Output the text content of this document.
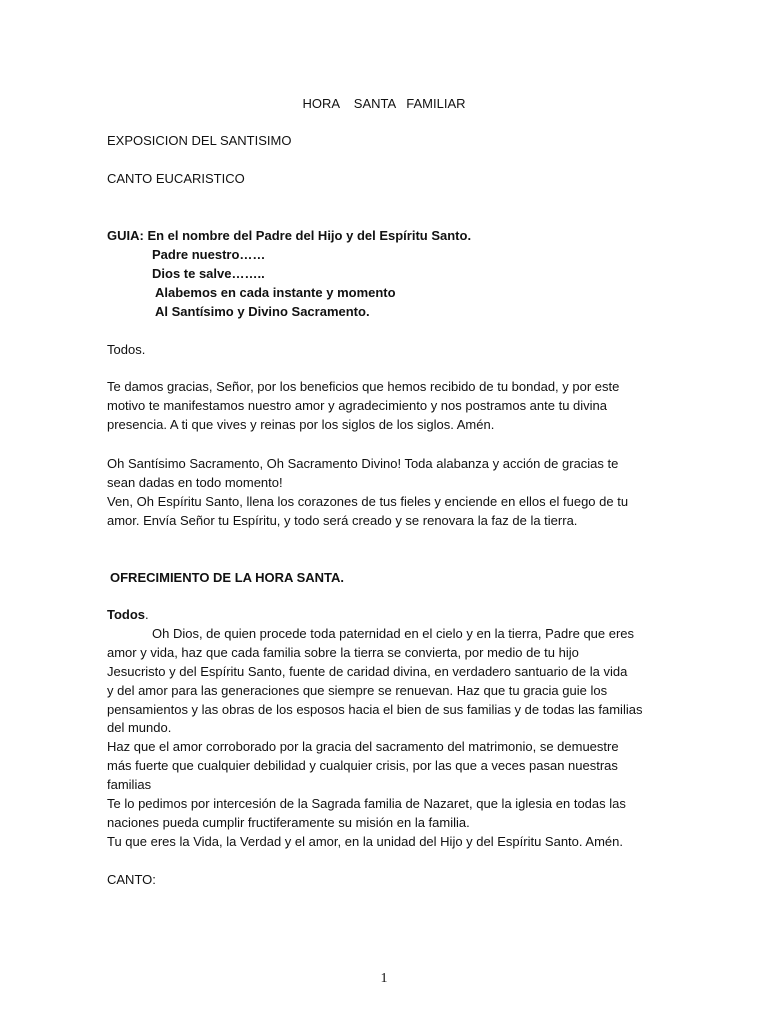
HORA    SANTA   FAMILIAR
EXPOSICION DEL SANTISIMO
CANTO EUCARISTICO
GUIA: En el nombre del Padre del Hijo y del Espíritu Santo.
Padre nuestro……
Dios te salve……..
Alabemos en cada instante y momento
Al Santísimo y Divino Sacramento.
Todos.
Te damos gracias, Señor, por los beneficios que hemos recibido de tu bondad, y por este
motivo te manifestamos nuestro amor y agradecimiento y nos postramos ante tu divina
presencia. A ti que vives y reinas por los siglos de los siglos. Amén.
Oh Santísimo Sacramento, Oh Sacramento Divino! Toda alabanza y acción de gracias te
sean dadas en todo momento!
Ven, Oh Espíritu Santo, llena los corazones de tus fieles y enciende en ellos el fuego de tu
amor. Envía Señor tu Espíritu, y todo será creado y se renovara la faz de la tierra.
OFRECIMIENTO DE LA HORA SANTA.
Todos.
Oh Dios, de quien procede toda paternidad en el cielo y en la tierra, Padre que eres
amor y vida, haz que cada familia sobre la tierra se convierta, por medio de tu hijo
Jesucristo y del Espíritu Santo, fuente de caridad divina, en verdadero santuario de la vida
y del amor para las generaciones que siempre se renuevan. Haz que tu gracia guie los
pensamientos y las obras de los esposos hacia el bien de sus familias y de todas las familias
del mundo.
Haz que el amor corroborado por la gracia del sacramento del matrimonio, se demuestre
más fuerte que cualquier debilidad y cualquier crisis, por las que a veces pasan nuestras
familias
Te lo pedimos por intercesión de la Sagrada familia de Nazaret, que la iglesia en todas las
naciones pueda cumplir fructiferamente su misión en la familia.
Tu que eres la Vida, la Verdad y el amor, en la unidad del Hijo y del Espíritu Santo. Amén.
CANTO:
1
